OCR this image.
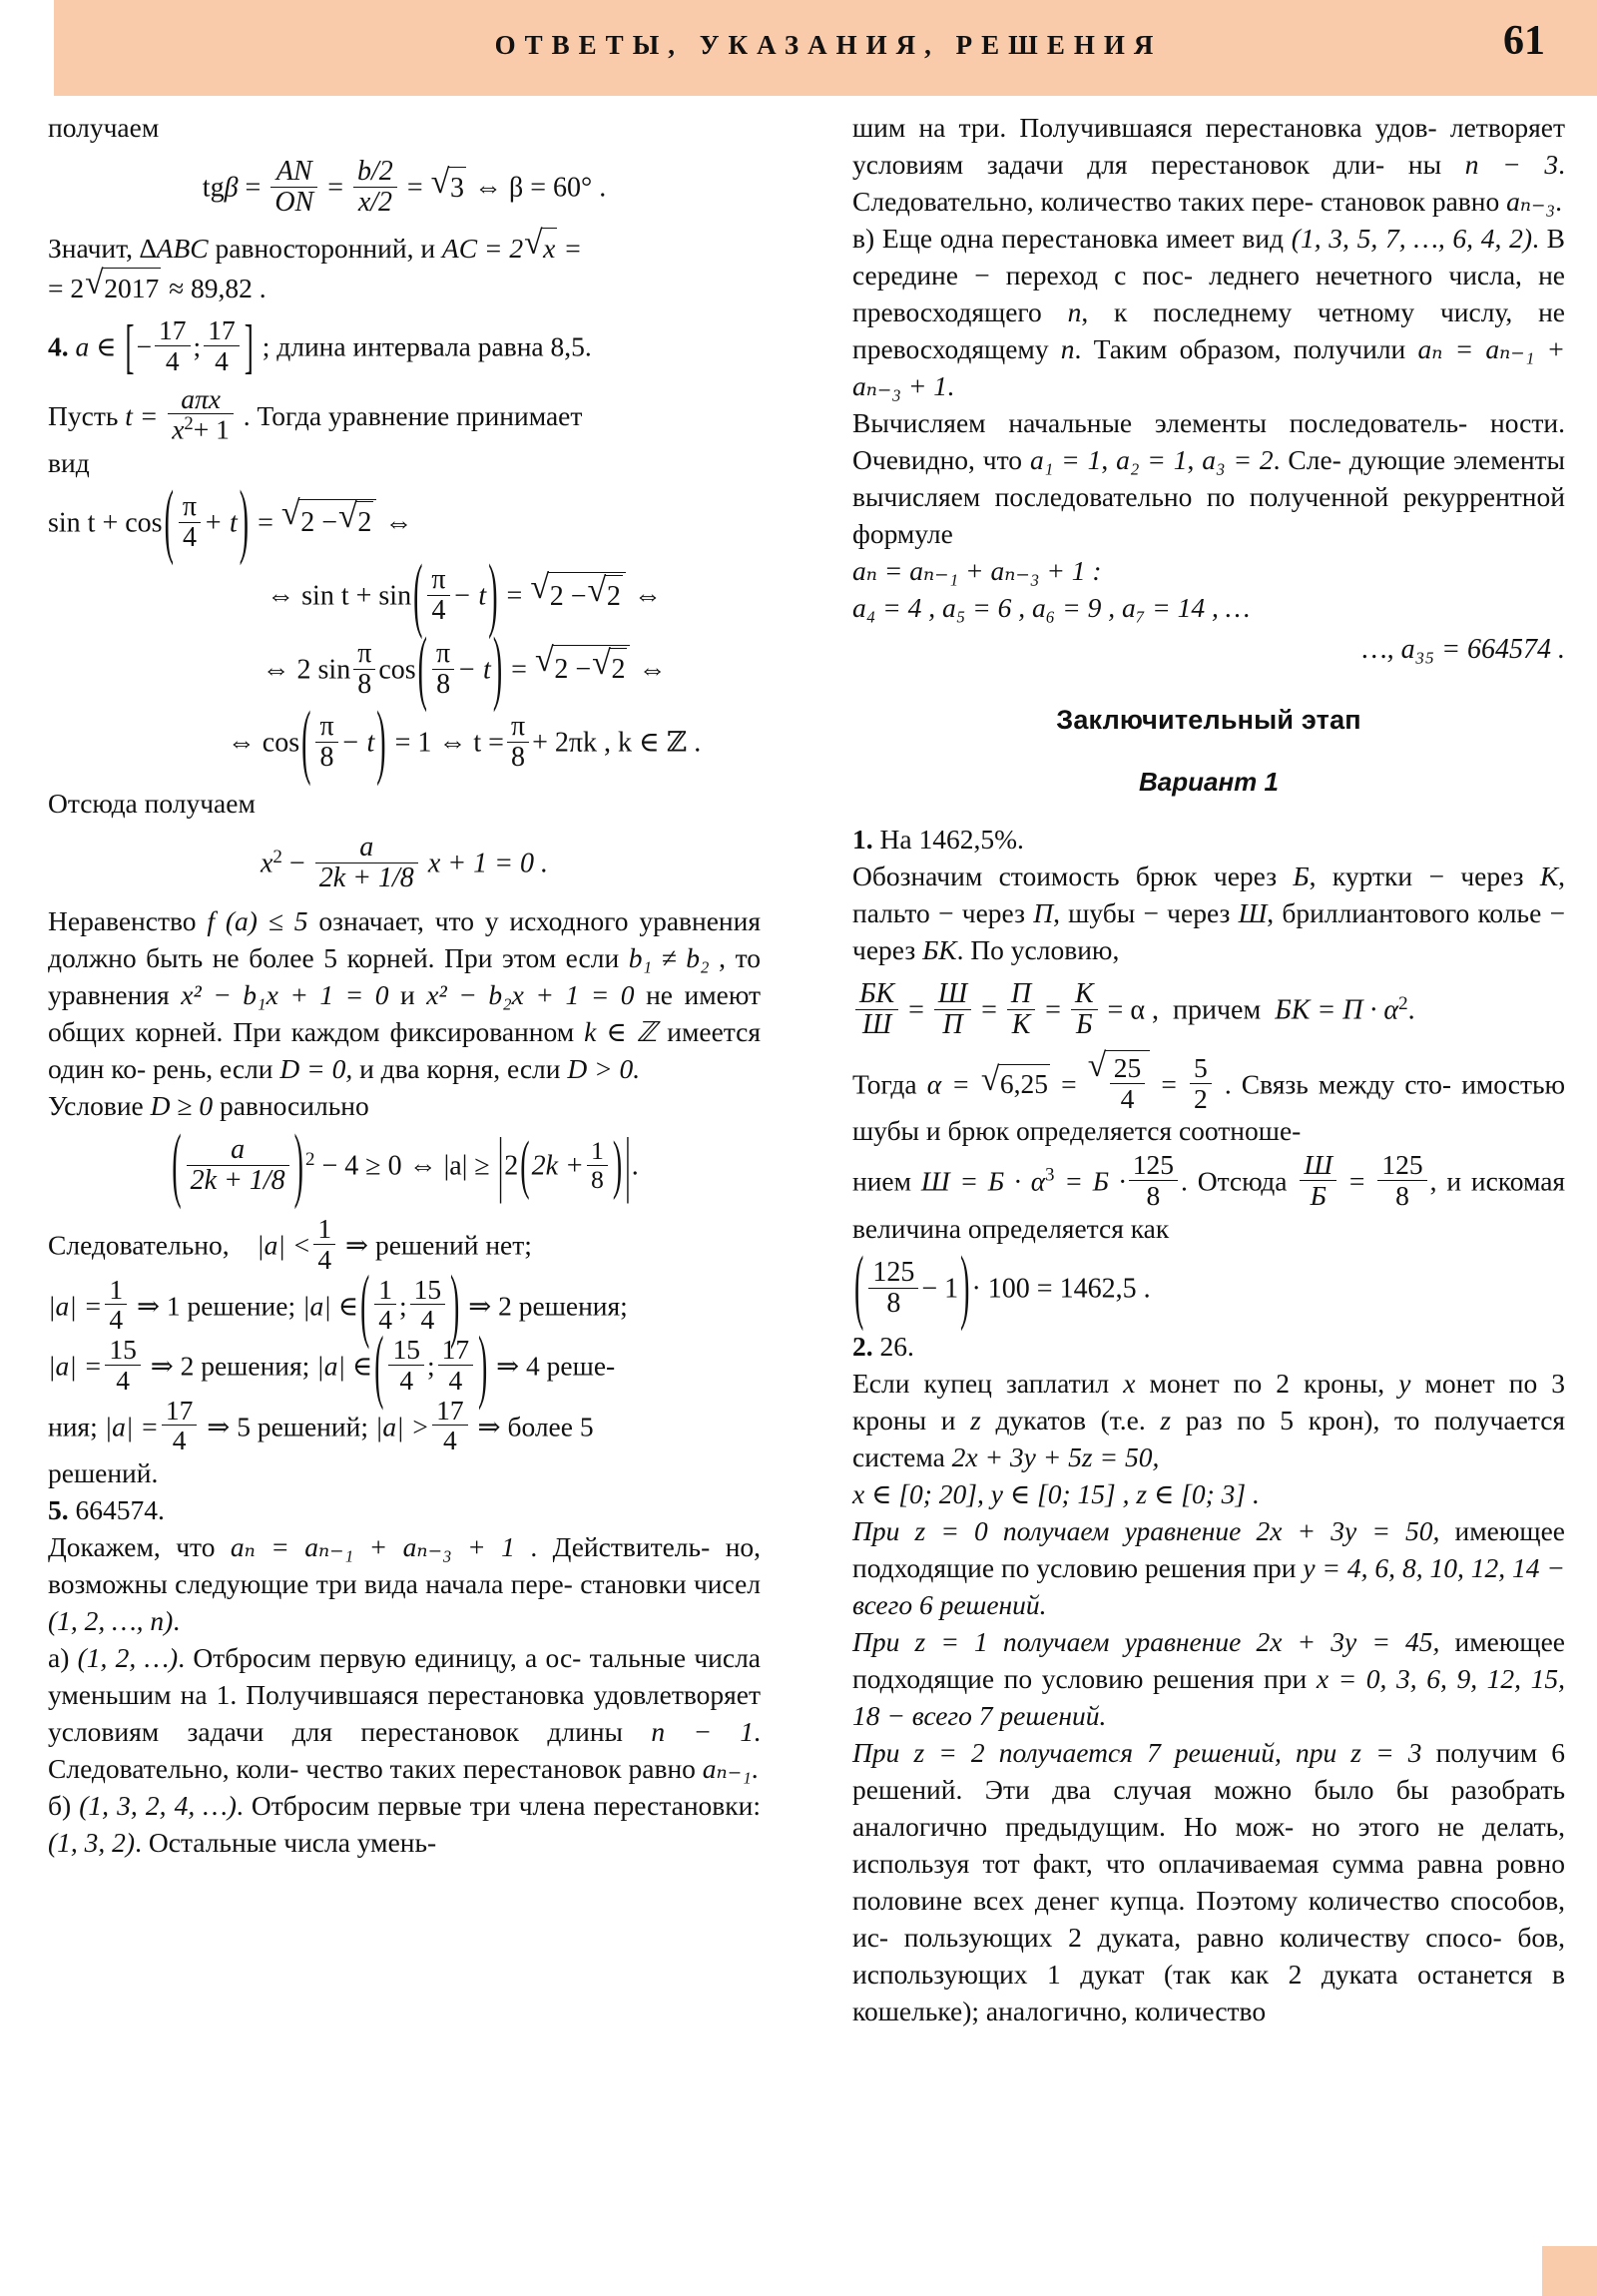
ОТВЕТЫ, УКАЗАНИЯ, РЕШЕНИЯ	61

получаем

$tg\beta = \frac{AN}{ON} = \frac{b/2}{x/2}$ = √ 3 ⇔ β = 60° .

Значит, ∆ABC равносторонний, и AC = 2 √ x =

= 2 √ 2017 ≈ 89,82 .

4. a ∈ [− $\frac{17}{4}$ ; $\frac{17}{4}$ ] ; длина интервала равна 8,5.

Пусть $t = \frac{\text{aπx}}{x^2+ 1}$ . Тогда уравнение принимает

вид

$\sin t + \cos( \frac{\pi}{4} + t)$ = √ 2 − √ 2 ⇔
⇔ $\sin t + \sin( \frac{\pi}{4} - t)$ = √ 2 − √ 2 ⇔
⇔ 2 $\sin \frac{\pi}{8} \cos( \frac{\pi}{8} - t)$ = √ 2 − √ 2 ⇔
⇔ $\cos( \frac{\pi}{8} - t) = 1$ ⇔ $t = \frac{\pi}{8} + 2\pi k$ , k ∈ ℤ .

Отсюда получаем

$x^2 - \frac{a}{2k + 1/8}$ x + 1 = 0 .

Неравенство f (a) ≤ 5 означает, что у исходного уравнения должно быть не более 5 корней. При этом если b₁ ≠ b₂ , то уравнения x² − b₁x + 1 = 0 и x² − b₂x + 1 = 0 не имеют общих корней. При каждом фиксированном k ∈ ℤ имеется один ко- рень, если D = 0, и два корня, если D > 0.

Условие D ≥ 0 равносильно

( $\frac{a}{2k + 1/8}$ ) $^2$ − 4 ≥ 0 ⇔ $|a| \ge |2(2k + \frac{1}{8}$ ) |.

Следовательно, $|a| < \frac{1}{4}$ ⇒ решений нет;

$|a| = \frac{1}{4}$ ⇒ 1 решение; |a| ∈( $\frac{1}{4}$ ; $\frac{15}{4}$ ) ⇒ 2 решения;

$|a| = \frac{15}{4}$ ⇒ 2 решения; |a| ∈( $\frac{15}{4}$ ; $\frac{17}{4}$ ) ⇒ 4 реше-

ния; $|a| = \frac{17}{4}$ ⇒ 5 решений; $|a| > \frac{17}{4}$ ⇒ более 5

решений.

5. 664574.

Докажем, что aₙ = aₙ₋₁ + aₙ₋₃ + 1 . Действитель- но, возможны следующие три вида начала пере- становки чисел (1, 2, …, n).

а) (1, 2, …). Отбросим первую единицу, а ос- тальные числа уменьшим на 1. Получившаяся перестановка удовлетворяет условиям задачи для перестановок длины n − 1. Следовательно, коли- чество таких перестановок равно aₙ₋₁.

б) (1, 3, 2, 4, …). Отбросим первые три члена перестановки: (1, 3, 2). Остальные числа умень-

шим на три. Получившаяся перестановка удов- летворяет условиям задачи для перестановок дли- ны n − 3. Следовательно, количество таких пере- становок равно aₙ₋₃.

в) Еще одна перестановка имеет вид (1, 3, 5, 7, …, 6, 4, 2). В середине − переход с пос- леднего нечетного числа, не превосходящего n, к последнему четному числу, не превосходящему n. Таким образом, получили aₙ = aₙ₋₁ + aₙ₋₃ + 1.

Вычисляем начальные элементы последователь- ности. Очевидно, что a₁ = 1, a₂ = 1, a₃ = 2. Сле- дующие элементы вычисляем последовательно по полученной рекуррентной формуле

aₙ = aₙ₋₁ + aₙ₋₃ + 1 :

a₄ = 4 , a₅ = 6 , a₆ = 9 , a₇ = 14 , …

…, a₃₅ = 664574 .
Заключительный этап
Вариант 1

1. На 1462,5%.

Обозначим стоимость брюк через Б, куртки − через К, пальто − через П, шубы − через Ш, бриллиантового колье − через БК. По условию,

$\frac{БК}{Ш} = \frac{Ш}{П} = \frac{П}{К} = \frac{К}{Б} = \alpha$ , причем БК = $П \cdot \alpha^2$.

Тогда α = √ 6,25 = √ $\frac{25}{4} = \frac{5}{2}$ . Связь между сто- имостью шубы и брюк определяется соотноше-

нием $Ш = Б \cdot \alpha^3 = Б \cdot \frac{125}{8}$ . Отсюда $\frac{Ш}{Б} = \frac{125}{8}$ , и искомая величина определяется как

( $\frac{125}{8} - 1)\cdot 100 = 1462,5$ .

2. 26.

Если купец заплатил x монет по 2 кроны, y монет по 3 кроны и z дукатов (т.е. z раз по 5 крон), то получается система 2x + 3y + 5z = 50,

x ∈ [0; 20], y ∈ [0; 15] , z ∈ [0; 3] .

При z = 0 получаем уравнение 2x + 3y = 50, имеющее подходящие по условию решения при y = 4, 6, 8, 10, 12, 14 − всего 6 решений.

При z = 1 получаем уравнение 2x + 3y = 45, имеющее подходящие по условию решения при x = 0, 3, 6, 9, 12, 15, 18 − всего 7 решений.

При z = 2 получается 7 решений, при z = 3 получим 6 решений. Эти два случая можно было бы разобрать аналогично предыдущим. Но мож- но этого не делать, используя тот факт, что оплачиваемая сумма равна ровно половине всех денег купца. Поэтому количество способов, ис- пользующих 2 дуката, равно количеству спосо- бов, использующих 1 дукат (так как 2 дуката останется в кошельке); аналогично, количество
